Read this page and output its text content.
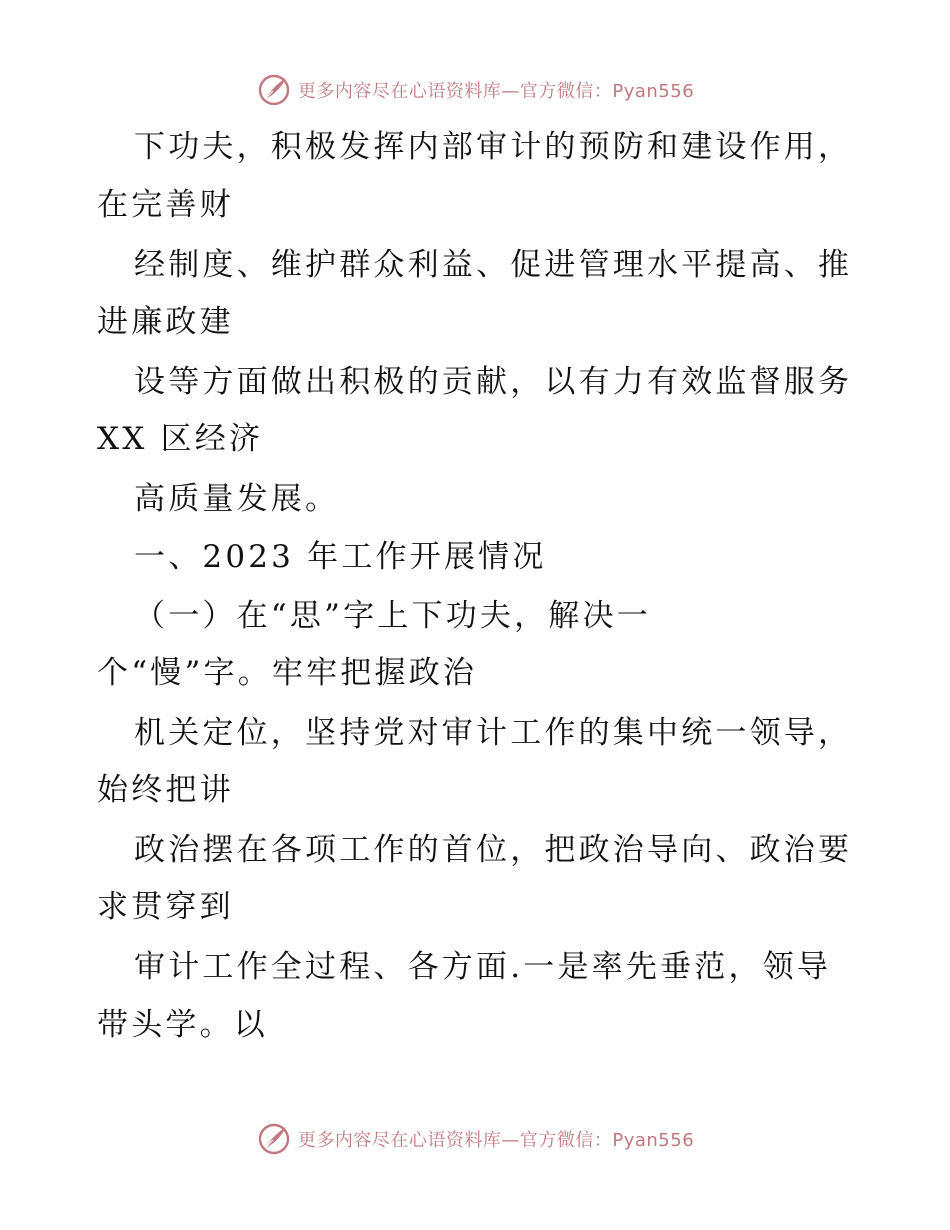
更多内容尽在心语资料库—官方微信：Pyan556
下功夫，积极发挥内部审计的预防和建设作用，
在完善财
经制度、维护群众利益、促进管理水平提高、推
进廉政建
设等方面做出积极的贡献，以有力有效监督服务
XX 区经济
高质量发展。
一、2023 年工作开展情况
（一）在“思”字上下功夫，解决一
个“慢”字。牢牢把握政治
机关定位，坚持党对审计工作的集中统一领导，
始终把讲
政治摆在各项工作的首位，把政治导向、政治要
求贯穿到
审计工作全过程、各方面.一是率先垂范，领导
带头学。以
更多内容尽在心语资料库—官方微信：Pyan556
